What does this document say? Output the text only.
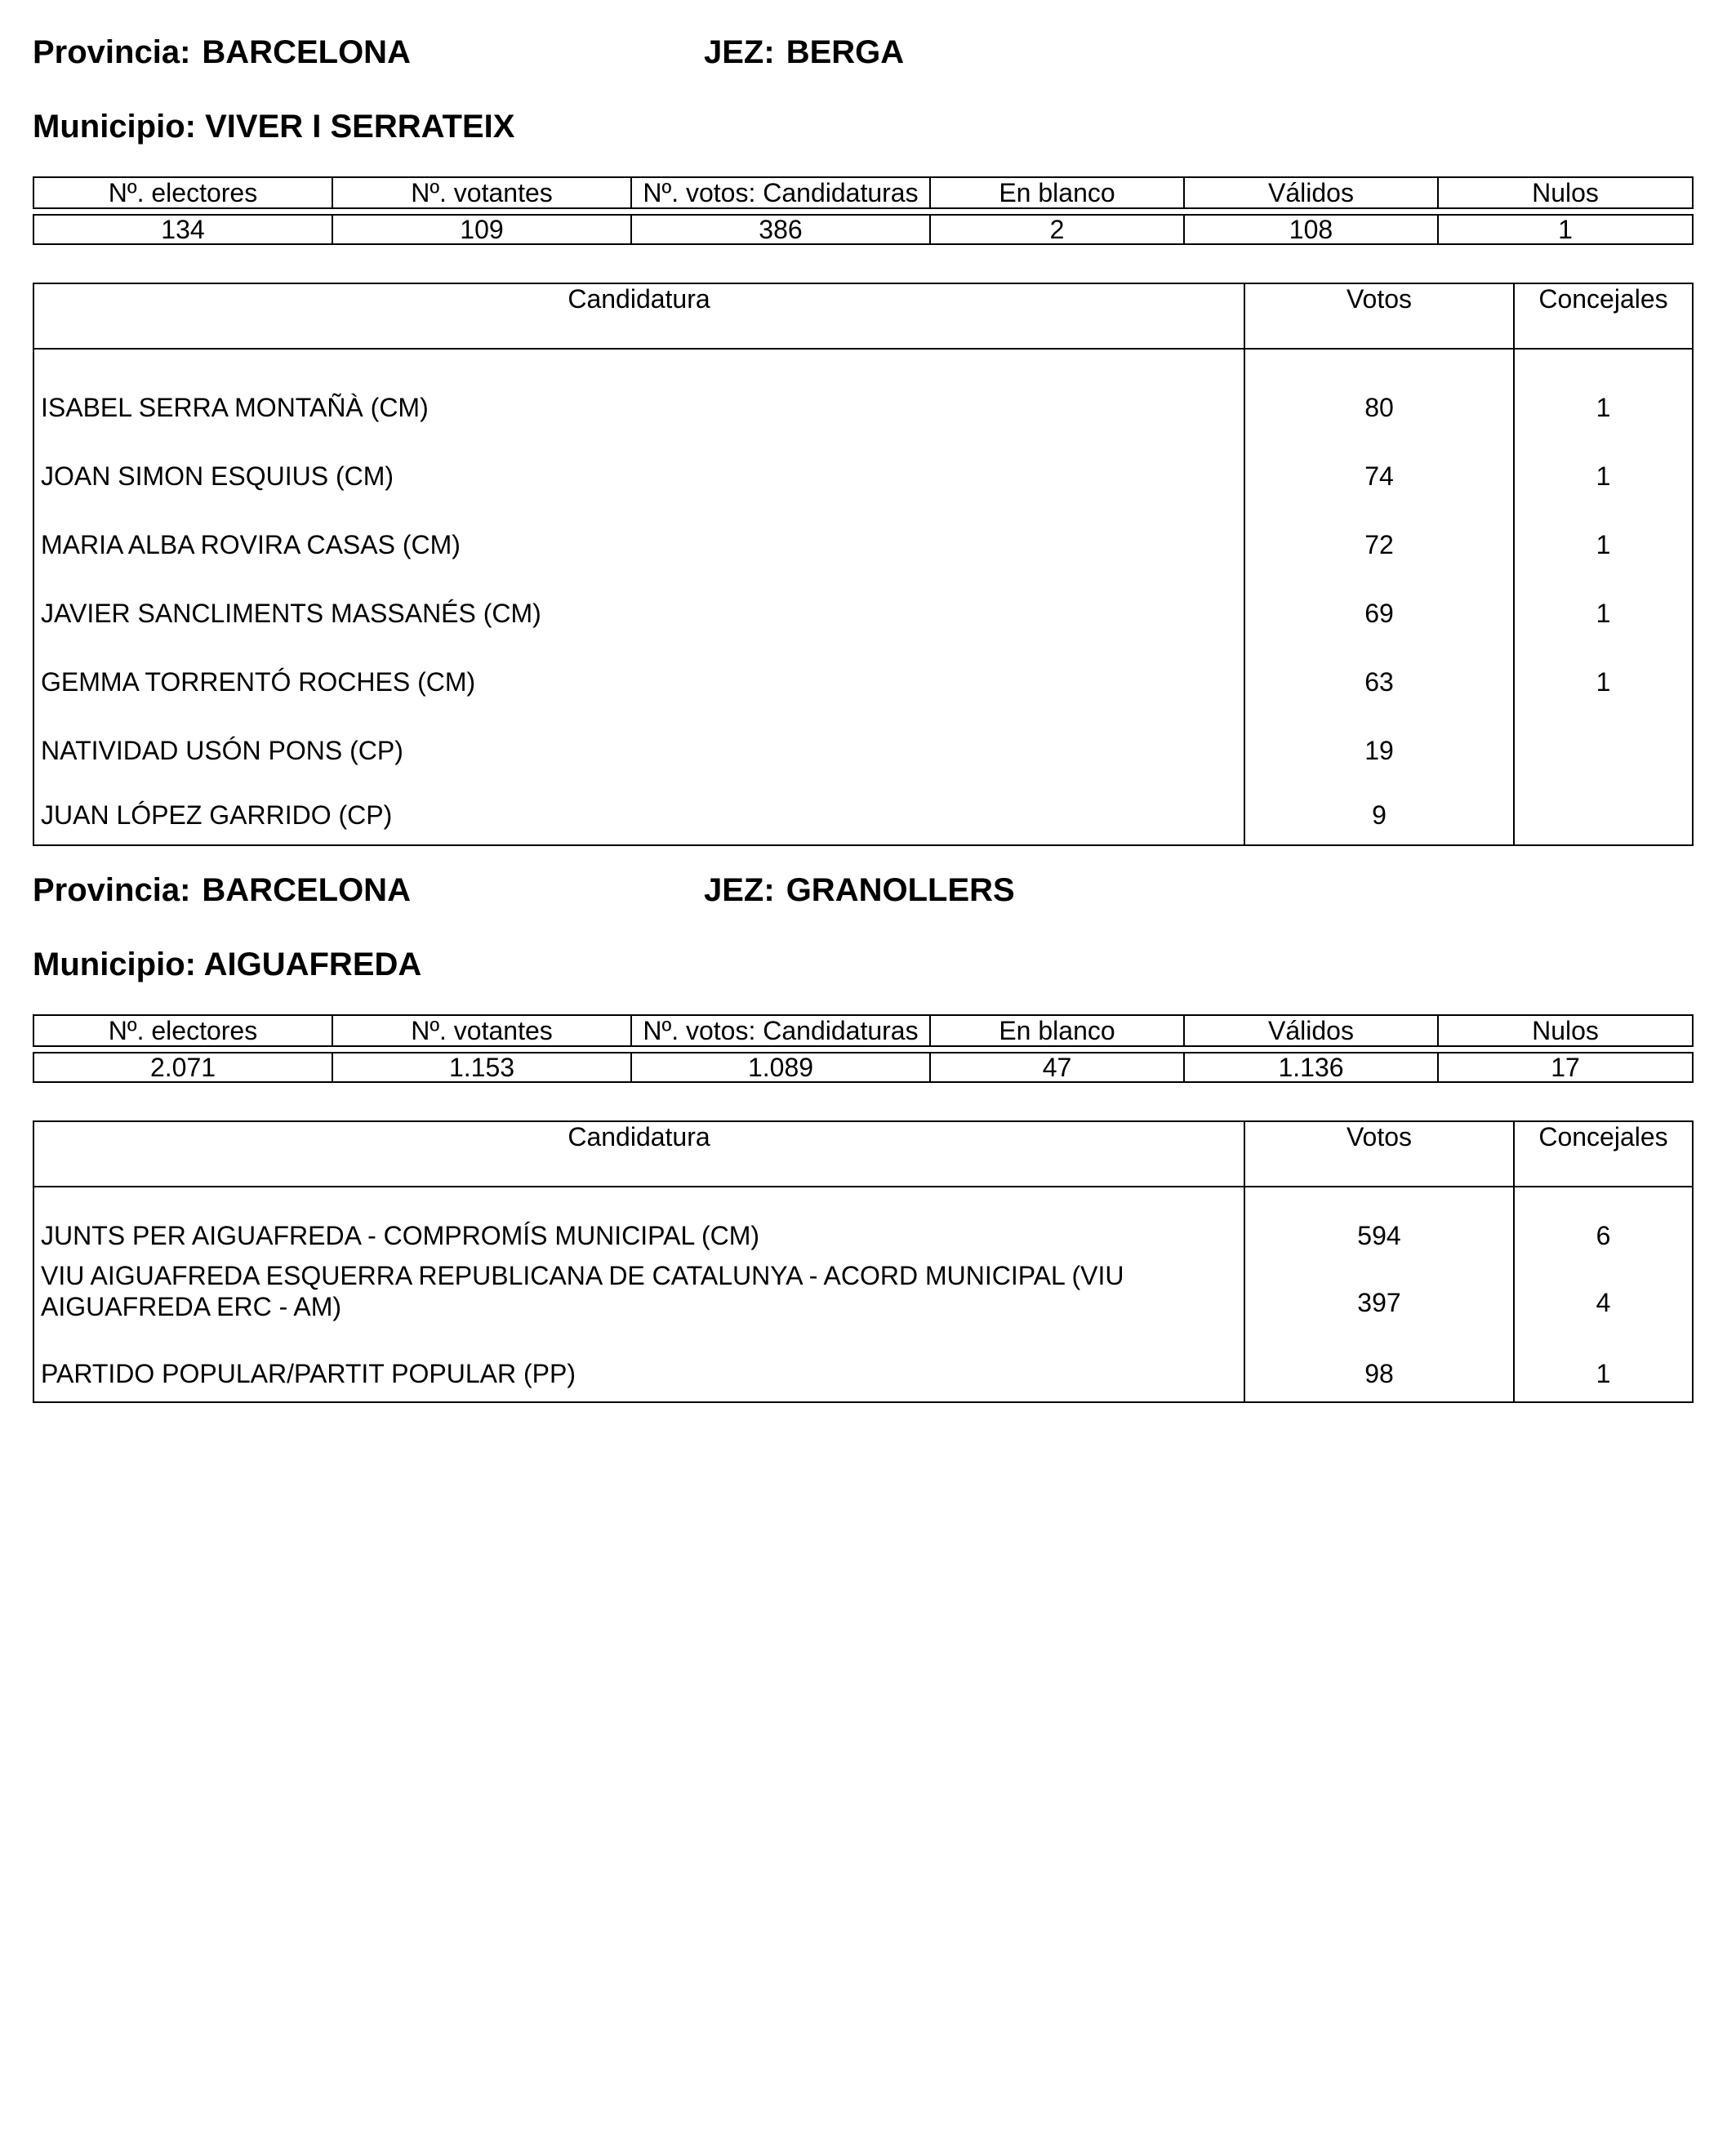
Provincia: BARCELONA	JEZ: BERGA
Municipio: VIVER I SERRATEIX
Nº. electores	Nº. votantes	Nº. votos: Candidaturas	En blanco	Válidos	Nulos

134	109	386	2	108	1
Candidatura	Votos	Concejales

ISABEL SERRA MONTAÑÀ (CM)	80	1
JOAN SIMON ESQUIUS (CM)	74	1
MARIA ALBA ROVIRA CASAS (CM)	72	1
JAVIER SANCLIMENTS MASSANÉS (CM)	69	1
GEMMA TORRENTÓ ROCHES (CM)	63	1
NATIVIDAD USÓN PONS (CP)	19	
JUAN LÓPEZ GARRIDO (CP)	9	
Provincia: BARCELONA	JEZ: GRANOLLERS
Municipio: AIGUAFREDA
Nº. electores	Nº. votantes	Nº. votos: Candidaturas	En blanco	Válidos	Nulos

2.071	1.153	1.089	47	1.136	17
Candidatura	Votos	Concejales

JUNTS PER AIGUAFREDA - COMPROMÍS MUNICIPAL (CM)	594	6
VIU AIGUAFREDA ESQUERRA REPUBLICANA DE CATALUNYA - ACORD MUNICIPAL (VIU AIGUAFREDA ERC - AM)	397	4
PARTIDO POPULAR/PARTIT POPULAR (PP)	98	1
